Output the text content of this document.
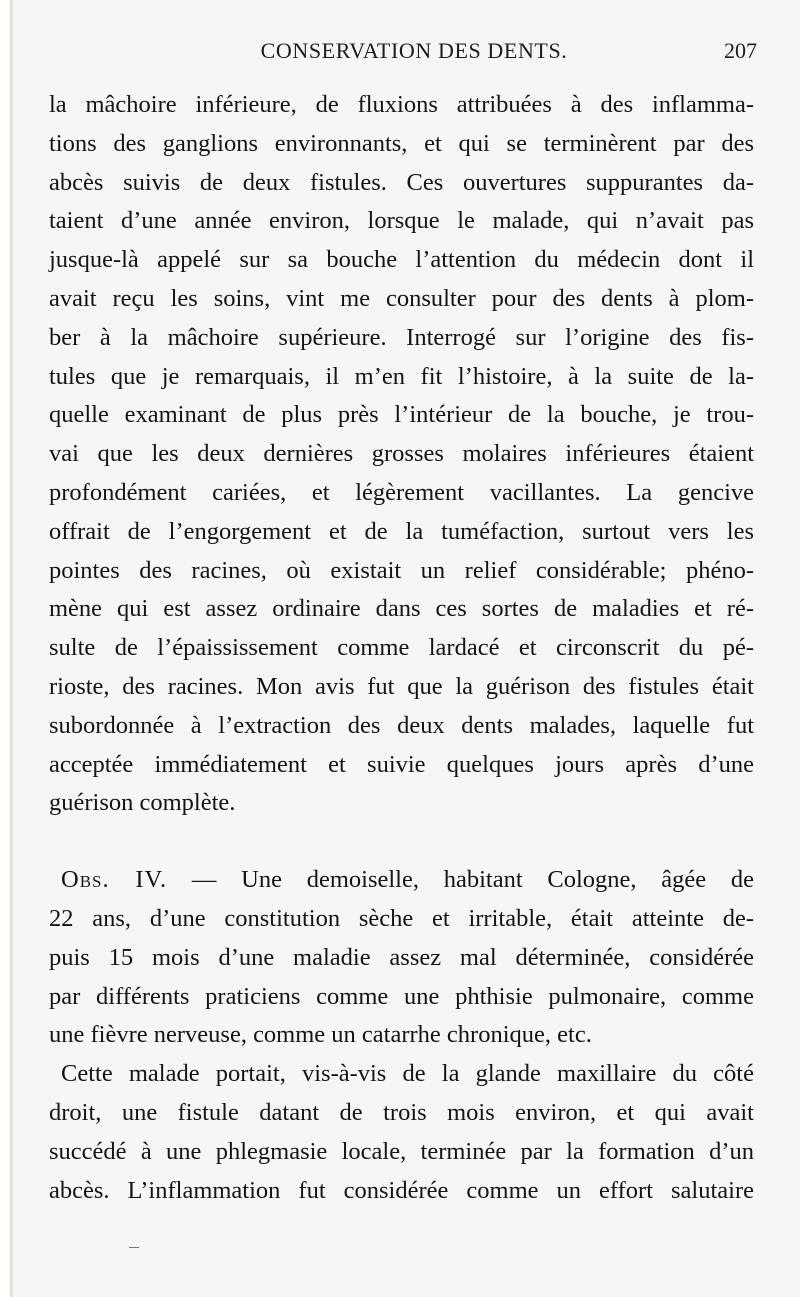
CONSERVATION DES DENTS.	207
la mâchoire inférieure, de fluxions attribuées à des inflamma-
tions des ganglions environnants, et qui se terminèrent par des
abcès suivis de deux fistules. Ces ouvertures suppurantes da-
taient d’une année environ, lorsque le malade, qui n’avait pas
jusque-là appelé sur sa bouche l’attention du médecin dont il
avait reçu les soins, vint me consulter pour des dents à plom-
ber à la mâchoire supérieure. Interrogé sur l’origine des fis-
tules que je remarquais, il m’en fit l’histoire, à la suite de la-
quelle examinant de plus près l’intérieur de la bouche, je trou-
vai que les deux dernières grosses molaires inférieures étaient
profondément cariées, et légèrement vacillantes. La gencive
offrait de l’engorgement et de la tuméfaction, surtout vers les
pointes des racines, où existait un relief considérable; phéno-
mène qui est assez ordinaire dans ces sortes de maladies et ré-
sulte de l’épaississement comme lardacé et circonscrit du pé-
rioste, des racines. Mon avis fut que la guérison des fistules était
subordonnée à l’extraction des deux dents malades, laquelle fut
acceptée immédiatement et suivie quelques jours après d’une
guérison complète.
Obs. IV. — Une demoiselle, habitant Cologne, âgée de
22 ans, d’une constitution sèche et irritable, était atteinte de-
puis 15 mois d’une maladie assez mal déterminée, considérée
par différents praticiens comme une phthisie pulmonaire, comme
une fièvre nerveuse, comme un catarrhe chronique, etc.
Cette malade portait, vis-à-vis de la glande maxillaire du côté
droit, une fistule datant de trois mois environ, et qui avait
succédé à une phlegmasie locale, terminée par la formation d’un
abcès. L’inflammation fut considérée comme un effort salutaire
